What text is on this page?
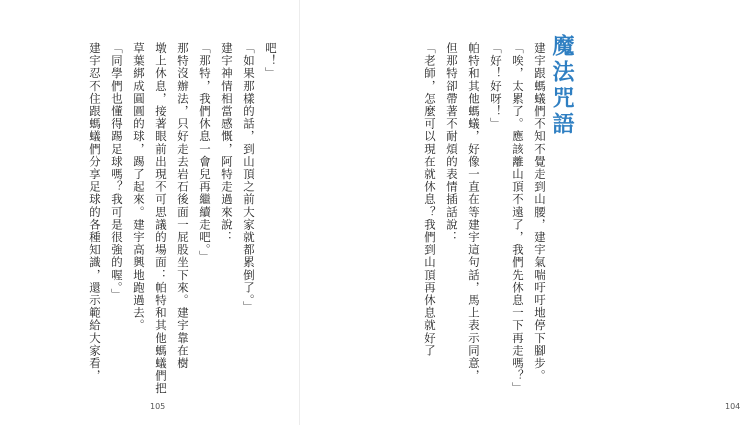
吧！」
「如果那樣的話，到山頂之前大家就都累倒了。」
建宇神情相當感慨，阿特走過來說：
「那特，我們休息一會兒再繼續走吧。」
那特沒辦法，只好走去岩石後面一屁股坐下來。建宇靠在樹
墩上休息，接著眼前出現不可思議的場面：帕特和其他螞蟻們把
草葉綁成圓圓的球，踢了起來。建宇高興地跑過去。
「同學們也懂得踢足球嗎？我可是很強的喔。」
建宇忍不住跟螞蟻們分享足球的各種知識，還示範給大家看，
105
建宇跟螞蟻們不知不覺走到山腰，建宇氣喘吁吁地停下腳步。
「唉，太累了。應該離山頂不遠了，我們先休息一下再走嗎？」
「好！好呀！」
帕特和其他螞蟻，好像一直在等建宇這句話，馬上表示同意，
但那特卻帶著不耐煩的表情插話說：
「老師，怎麼可以現在就休息？我們到山頂再休息就好了
104
魔法咒語
